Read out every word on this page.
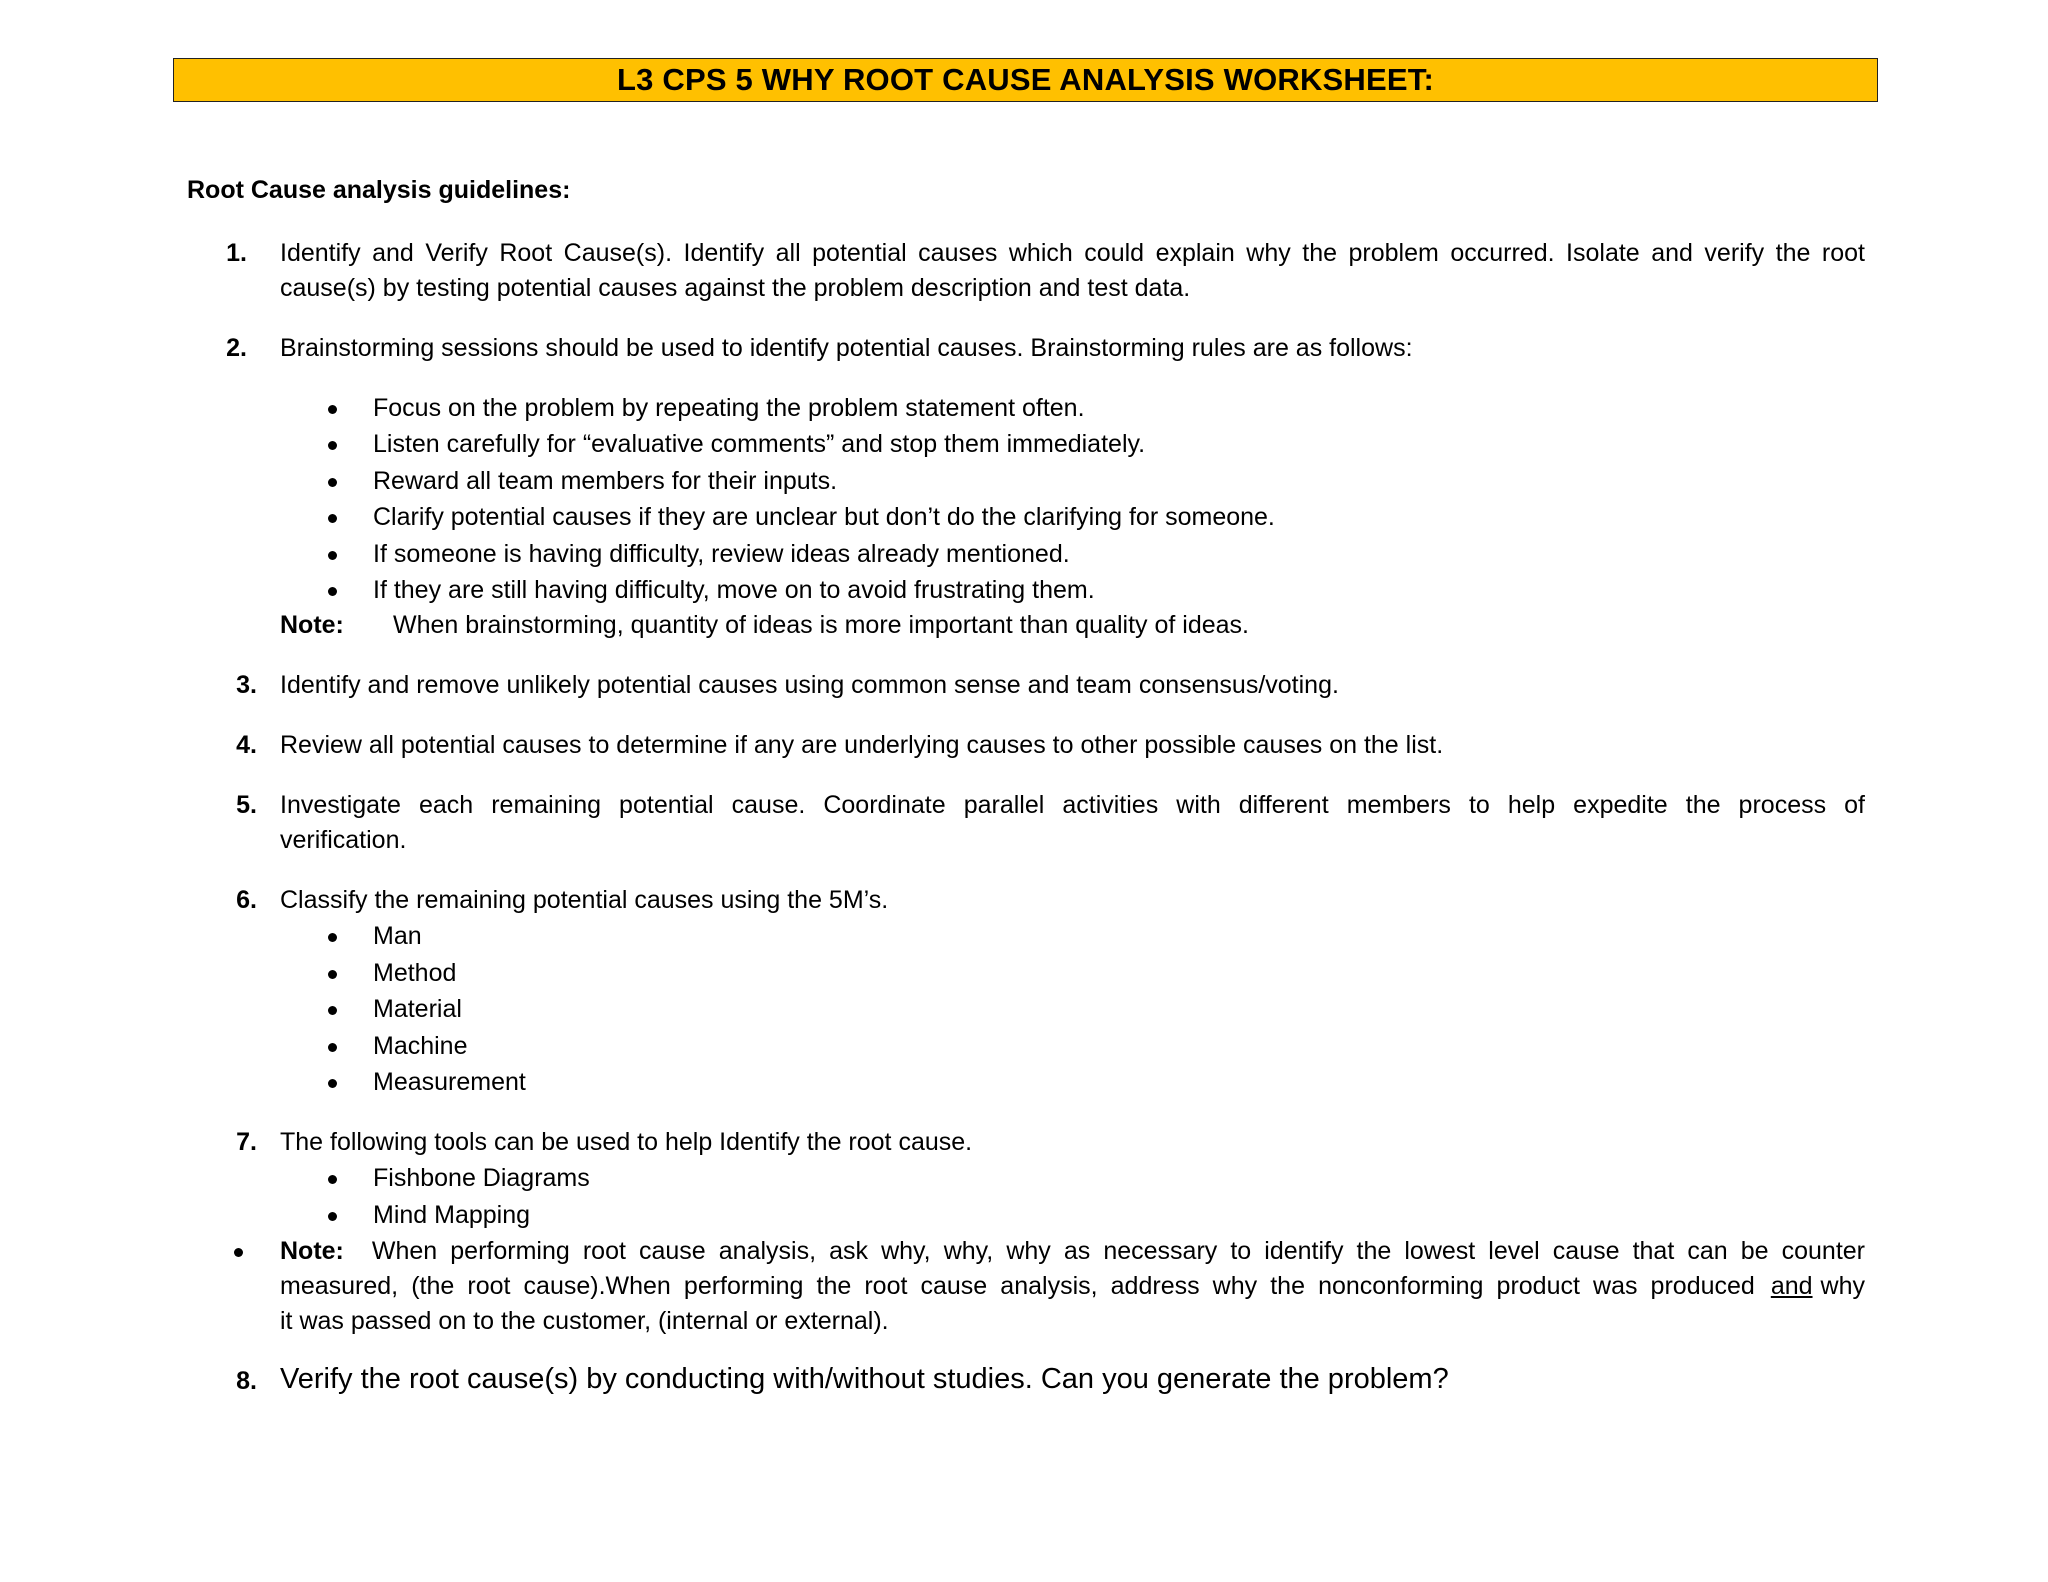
L3 CPS 5 WHY ROOT CAUSE ANALYSIS WORKSHEET:
Root Cause analysis guidelines:
1. Identify and Verify Root Cause(s). Identify all potential causes which could explain why the problem occurred. Isolate and verify the root
cause(s) by testing potential causes against the problem description and test data.
2. Brainstorming sessions should be used to identify potential causes. Brainstorming rules are as follows:
Focus on the problem by repeating the problem statement often.
Listen carefully for “evaluative comments” and stop them immediately.
Reward all team members for their inputs.
Clarify potential causes if they are unclear but don’t do the clarifying for someone.
If someone is having difficulty, review ideas already mentioned.
If they are still having difficulty, move on to avoid frustrating them.
Note: When brainstorming, quantity of ideas is more important than quality of ideas.
3. Identify and remove unlikely potential causes using common sense and team consensus/voting.
4. Review all potential causes to determine if any are underlying causes to other possible causes on the list.
5. Investigate each remaining potential cause. Coordinate parallel activities with different members to help expedite the process of
verification.
6. Classify the remaining potential causes using the 5M’s.
Man
Method
Material
Machine
Measurement
7. The following tools can be used to help Identify the root cause.
Fishbone Diagrams
Mind Mapping
Note: When performing root cause analysis, ask why, why, why as necessary to identify the lowest level cause that can be counter
measured, (the root cause).When performing the root cause analysis, address why the nonconforming product was produced and why
it was passed on to the customer, (internal or external).
8. Verify the root cause(s) by conducting with/without studies. Can you generate the problem?
